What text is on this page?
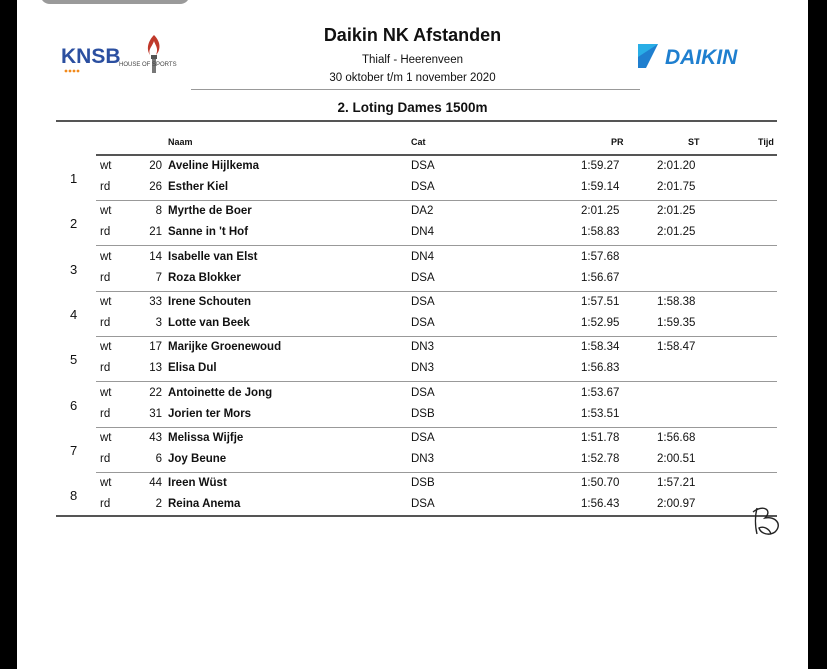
KNSB
HOUSE OF SPORTS	DAIKIN
Daikin NK Afstanden
Thialf - Heerenveen
30 oktober t/m 1 november 2020
2. Loting Dames 1500m
Naam	Cat	PR	ST	Tijd
1
wt	20 Aveline Hijlkema	DSA	1:59.27	2:01.20
rd	26 Esther Kiel	DSA	1:59.14	2:01.75
2
wt	8 Myrthe de Boer	DA2	2:01.25	2:01.25
rd	21 Sanne in 't Hof	DN4	1:58.83	2:01.25
3
wt	14 Isabelle van Elst	DN4	1:57.68
rd	7 Roza Blokker	DSA	1:56.67
4
wt	33 Irene Schouten	DSA	1:57.51	1:58.38
rd	3 Lotte van Beek	DSA	1:52.95	1:59.35
5
wt	17 Marijke Groenewoud	DN3	1:58.34	1:58.47
rd	13 Elisa Dul	DN3	1:56.83
6
wt	22 Antoinette de Jong	DSA	1:53.67
rd	31 Jorien ter Mors	DSB	1:53.51
7
wt	43 Melissa Wijfje	DSA	1:51.78	1:56.68
rd	6 Joy Beune	DN3	1:52.78	2:00.51
8
wt	44 Ireen Wüst	DSB	1:50.70	1:57.21
rd	2 Reina Anema	DSA	1:56.43	2:00.97
